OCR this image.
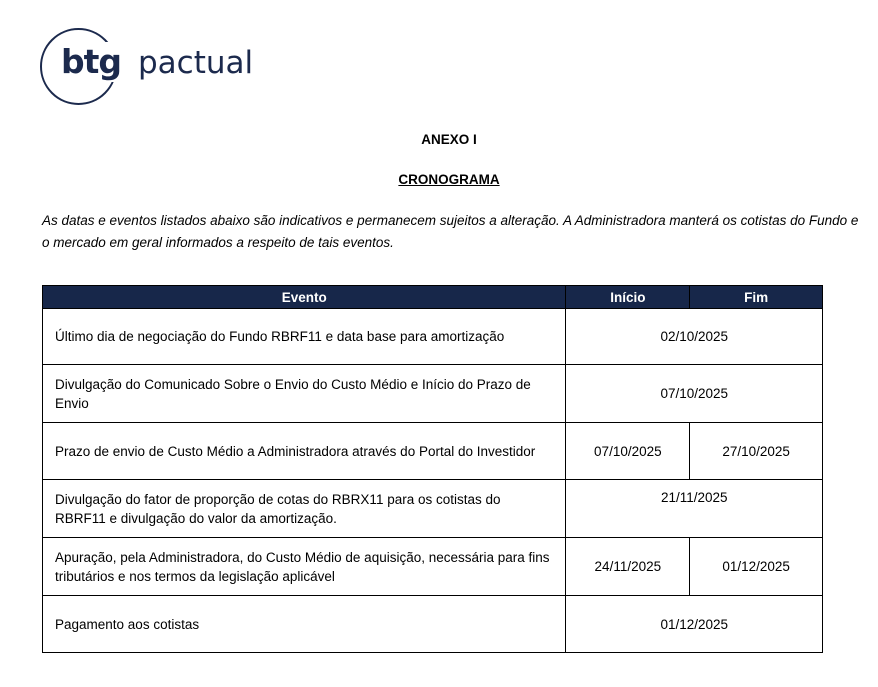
btg pactual
ANEXO I
CRONOGRAMA
As datas e eventos listados abaixo são indicativos e permanecem sujeitos a alteração. A Administradora manterá os cotistas do Fundo e o mercado em geral informados a respeito de tais eventos.
Evento	Início	Fim
Último dia de negociação do Fundo RBRF11 e data base para amortização	02/10/2025	
Divulgação do Comunicado Sobre o Envio do Custo Médio e Início do Prazo de Envio	07/10/2025	
Prazo de envio de Custo Médio a Administradora através do Portal do Investidor	07/10/2025	27/10/2025
Divulgação do fator de proporção de cotas do RBRX11 para os cotistas do RBRF11 e divulgação do valor da amortização.	21/11/2025	
Apuração, pela Administradora, do Custo Médio de aquisição, necessária para fins tributários e nos termos da legislação aplicável	24/11/2025	01/12/2025
Pagamento aos cotistas	01/12/2025	
